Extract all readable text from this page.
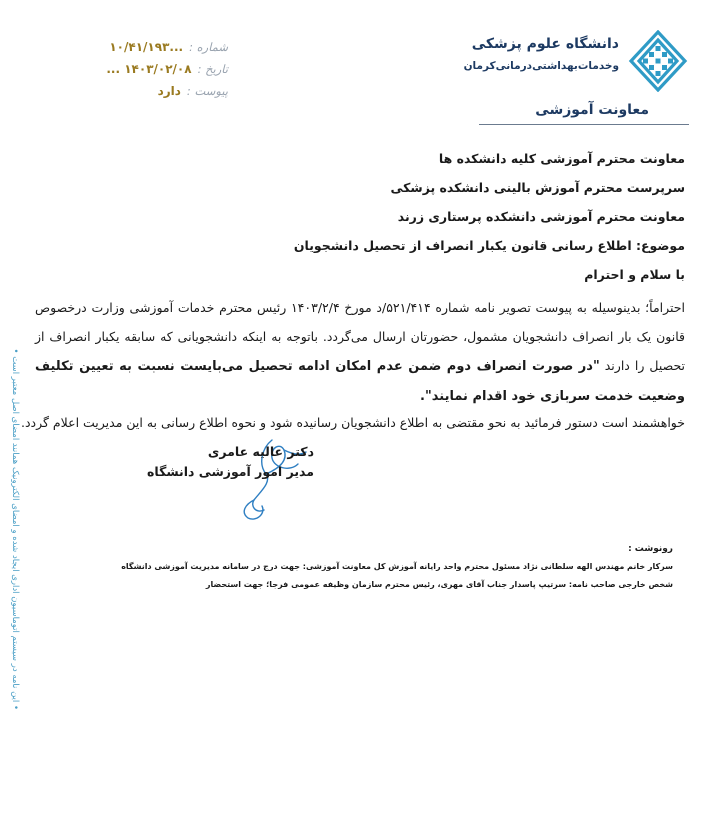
دانشگاه علوم پزشکی
وخدمات‌بهداشتی‌درمانی‌کرمان
معاونت آموزشی
شماره :
...۱۰/۴۱/۱۹۳
تاریخ :
۱۴۰۳/۰۲/۰۸ ...
پیوست :
دارد
معاونت محترم آموزشی کلیه دانشکده ها
سرپرست محترم آموزش بالینی دانشکده پزشکی
معاونت محترم آموزشی دانشکده پرستاری زرند
موضوع: اطلاع رسانی قانون یکبار انصراف از تحصیل دانشجویان
با سلام و احترام

احتراماً؛ بدینوسیله به پیوست تصویر نامه شماره ۵۲۱/۴۱۴/د مورخ ۱۴۰۳/۲/۴ رئیس محترم خدمات آموزشی وزارت درخصوص قانون یک بار انصراف دانشجویان مشمول، حضورتان ارسال می‌گردد. باتوجه به اینکه دانشجویانی که سابقه یکبار انصراف از تحصیل را دارند "در صورت انصراف دوم ضمن عدم امکان ادامه تحصیل می‌بایست نسبت به تعیین تکلیف وضعیت خدمت سربازی خود اقدام نمایند".

خواهشمند است دستور فرمائید به نحو مقتضی به اطلاع دانشجویان رسانیده شود و نحوه اطلاع رسانی به این مدیریت اعلام گردد.
دکتر عالیه عامری
مدیر امور آموزشی دانشگاه
رونوشت :
سرکار خانم مهندس الهه سلطانی نژاد مسئول محترم واحد رایانه آموزش کل معاونت آموزشی: جهت درج در سامانه مدیریت آموزشی دانشگاه
شخص خارجی صاحب نامه: سرتیپ پاسدار جناب آقای مهری، رئیس محترم سازمان وظیفه عمومی فرجا؛ جهت استحضار
• این نامه در سیستم اتوماسیون اداری ایجاد شده و امضای الکترونیک همانند امضای اصل معتبر است •
